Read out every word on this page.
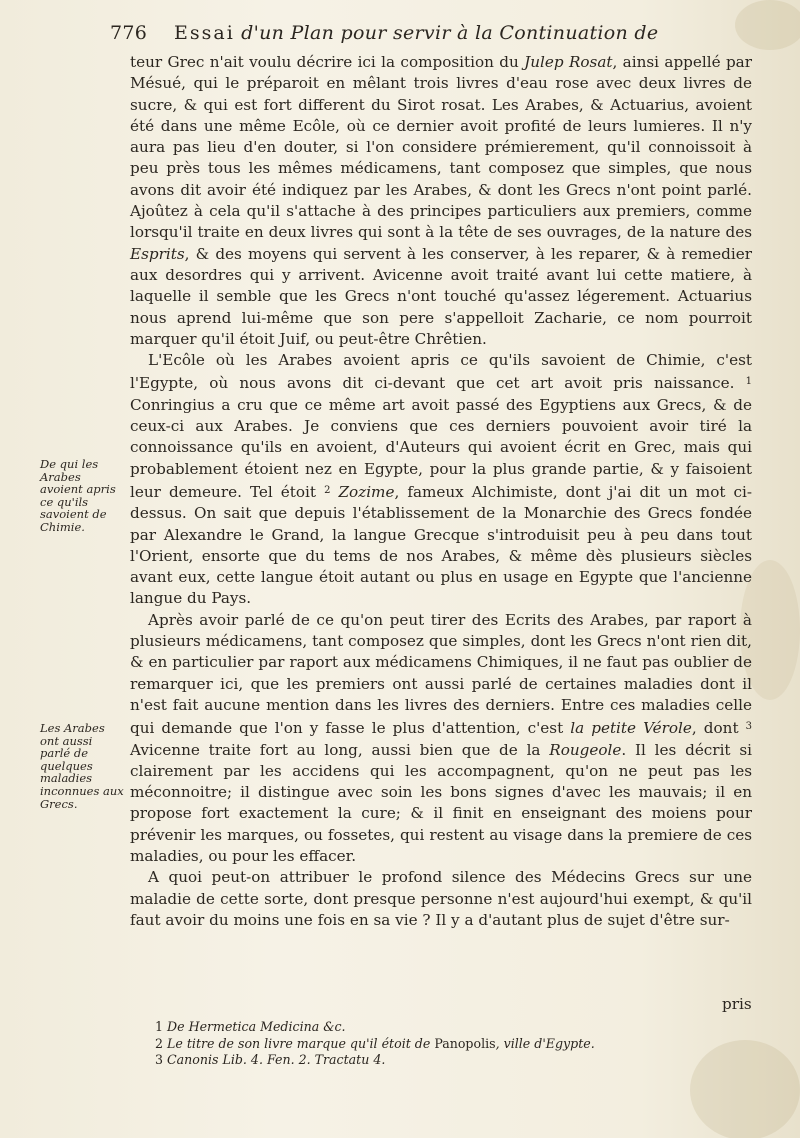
776 Essai d'un Plan pour servir à la Continuation de

teur Grec n'ait voulu décrire ici la composition du Julep Rosat, ainsi appellé par Mésué, qui le préparoit en mêlant trois livres d'eau rose avec deux livres de sucre, & qui est fort different du Sirot rosat. Les Arabes, & Actuarius, avoient été dans une même Ecôle, où ce dernier avoit profité de leurs lumieres. Il n'y aura pas lieu d'en douter, si l'on considere prémierement, qu'il connoissoit à peu près tous les mêmes médicamens, tant composez que simples, que nous avons dit avoir été indiquez par les Arabes, & dont les Grecs n'ont point parlé. Ajoûtez à cela qu'il s'attache à des principes particuliers aux premiers, comme lorsqu'il traite en deux livres qui sont à la tête de ses ouvrages, de la nature des Esprits, & des moyens qui servent à les conserver, à les reparer, & à remedier aux desordres qui y arrivent. Avicenne avoit traité avant lui cette matiere, à laquelle il semble que les Grecs n'ont touché qu'assez légerement. Actuarius nous aprend lui-même que son pere s'appelloit Zacharie, ce nom pourroit marquer qu'il étoit Juif, ou peut-être Chrêtien.

L'Ecôle où les Arabes avoient apris ce qu'ils savoient de Chimie, c'est l'Egypte, où nous avons dit ci-devant que cet art avoit pris naissance. $^1$ Conringius a cru que ce même art avoit passé des Egyptiens aux Grecs, & de ceux-ci aux Arabes. Je conviens que ces derniers pouvoient avoir tiré la connoissance qu'ils en avoient, d'Auteurs qui avoient écrit en Grec, mais qui probablement étoient nez en Egypte, pour la plus grande partie, & y faisoient leur demeure. Tel étoit $^2$ Zozime, fameux Alchimiste, dont j'ai dit un mot ci-dessus. On sait que depuis l'établissement de la Monarchie des Grecs fondée par Alexandre le Grand, la langue Grecque s'introduisit peu à peu dans tout l'Orient, ensorte que du tems de nos Arabes, & même dès plusieurs siècles avant eux, cette langue étoit autant ou plus en usage en Egypte que l'ancienne langue du Pays.

Après avoir parlé de ce qu'on peut tirer des Ecrits des Arabes, par raport à plusieurs médicamens, tant composez que simples, dont les Grecs n'ont rien dit, & en particulier par raport aux médicamens Chimiques, il ne faut pas oublier de remarquer ici, que les premiers ont aussi parlé de certaines maladies dont il n'est fait aucune mention dans les livres des derniers. Entre ces maladies celle qui demande que l'on y fasse le plus d'attention, c'est la petite Vérole, dont $^3$ Avicenne traite fort au long, aussi bien que de la Rougeole. Il les décrit si clairement par les accidens qui les accompagnent, qu'on ne peut pas les méconnoitre; il distingue avec soin les bons signes d'avec les mauvais; il en propose fort exactement la cure; & il finit en enseignant des moiens pour prévenir les marques, ou fossetes, qui restent au visage dans la premiere de ces maladies, ou pour les effacer.

A quoi peut-on attribuer le profond silence des Médecins Grecs sur une maladie de cette sorte, dont presque personne n'est aujourd'hui exempt, & qu'il faut avoir du moins une fois en sa vie ? Il y a d'autant plus de sujet d'être sur-

De qui les Arabes avoient apris ce qu'ils savoient de Chimie.
Les Arabes ont aussi parlé de quelques maladies inconnues aux Grecs.
pris
1 De Hermetica Medicina &c.
2 Le titre de son livre marque qu'il étoit de Panopolis, ville d'Egypte.
3 Canonis Lib. 4. Fen. 2. Tractatu 4.
